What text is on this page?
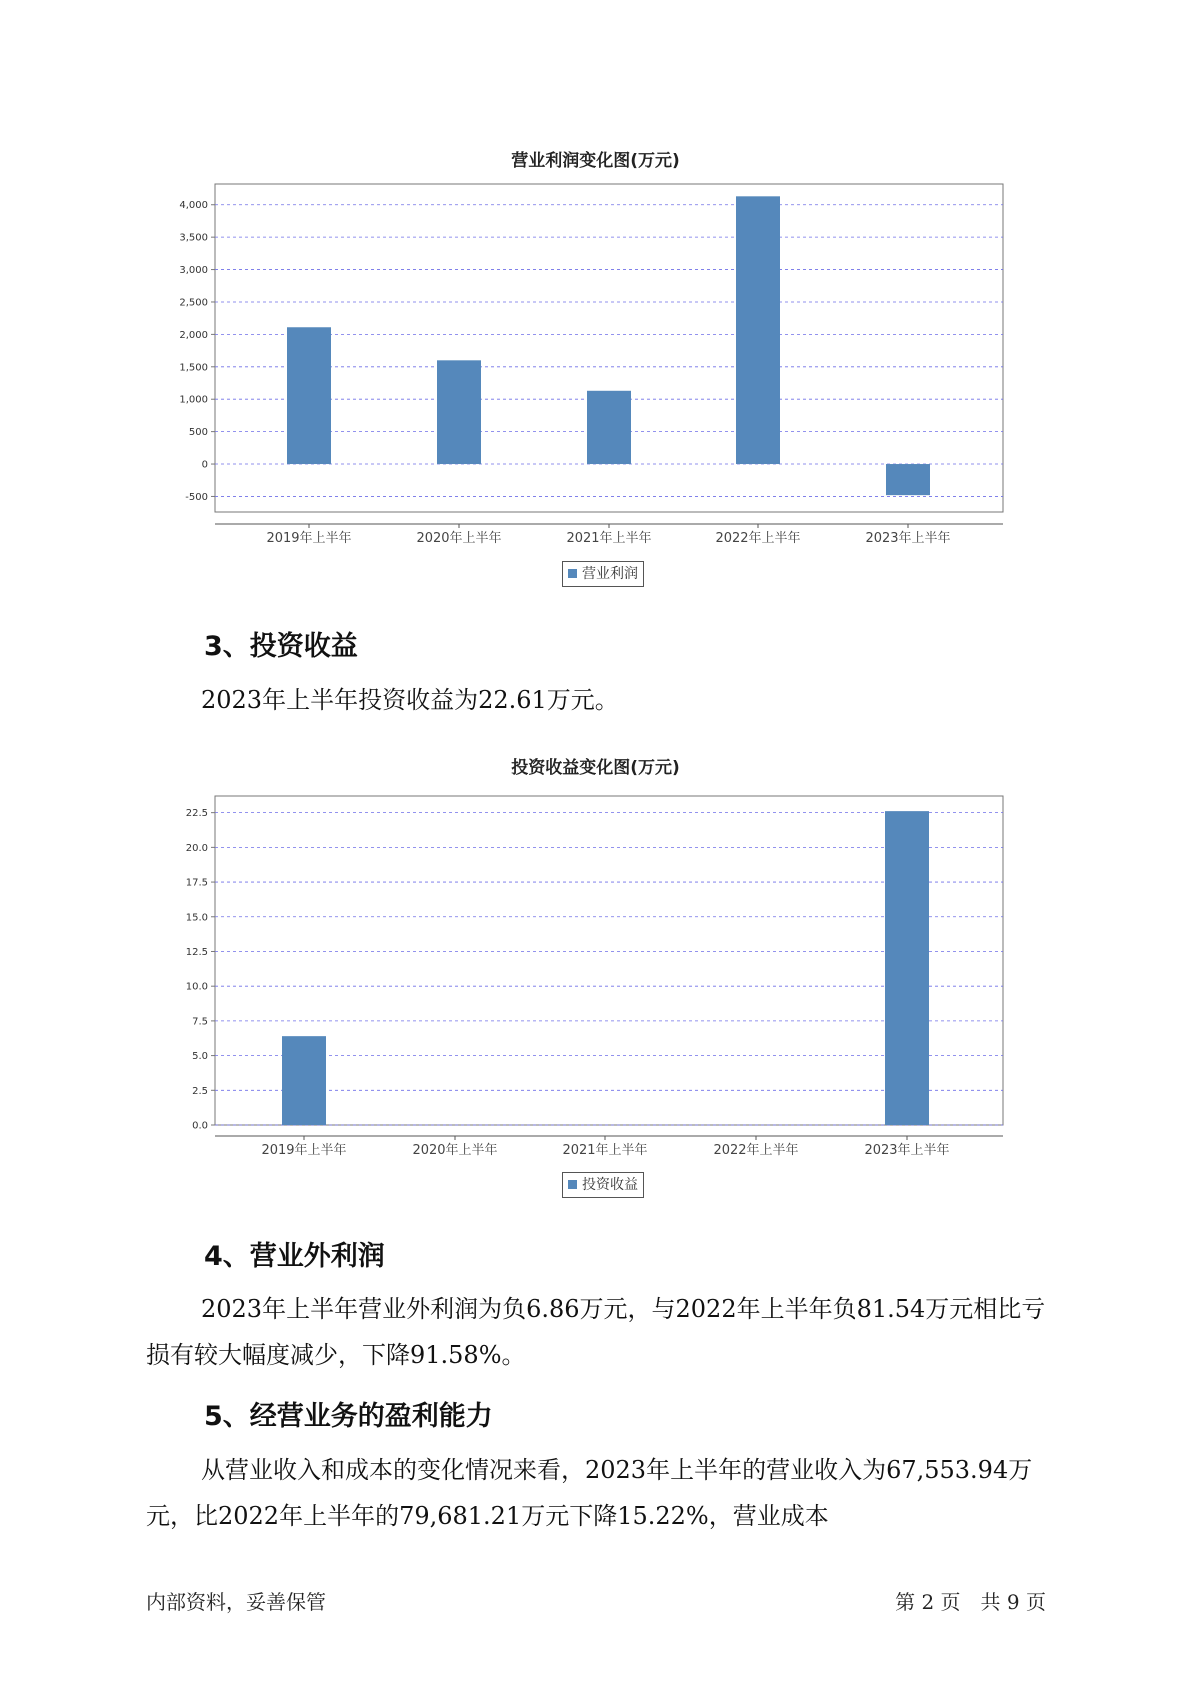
营业利润变化图(万元)
-500
0
500
1,000
1,500
2,000
2,500
3,000
3,500
4,000
2019年上半年	2020年上半年	2021年上半年	2022年上半年	2023年上半年
营业利润
3、投资收益

2023年上半年投资收益为22.61万元。

投资收益变化图(万元)
0.0
2.5
5.0
7.5
10.0
12.5
15.0
17.5
20.0
22.5
2019年上半年	2020年上半年	2021年上半年	2022年上半年	2023年上半年
投资收益
4、营业外利润

2023年上半年营业外利润为负6.86万元，与2022年上半年负81.54万元相比亏损有较大幅度减少，下降91.58%。

5、经营业务的盈利能力

从营业收入和成本的变化情况来看，2023年上半年的营业收入为67,553.94万元，比2022年上半年的79,681.21万元下降15.22%，营业成本

内部资料，妥善保管	第 2 页　共 9 页
